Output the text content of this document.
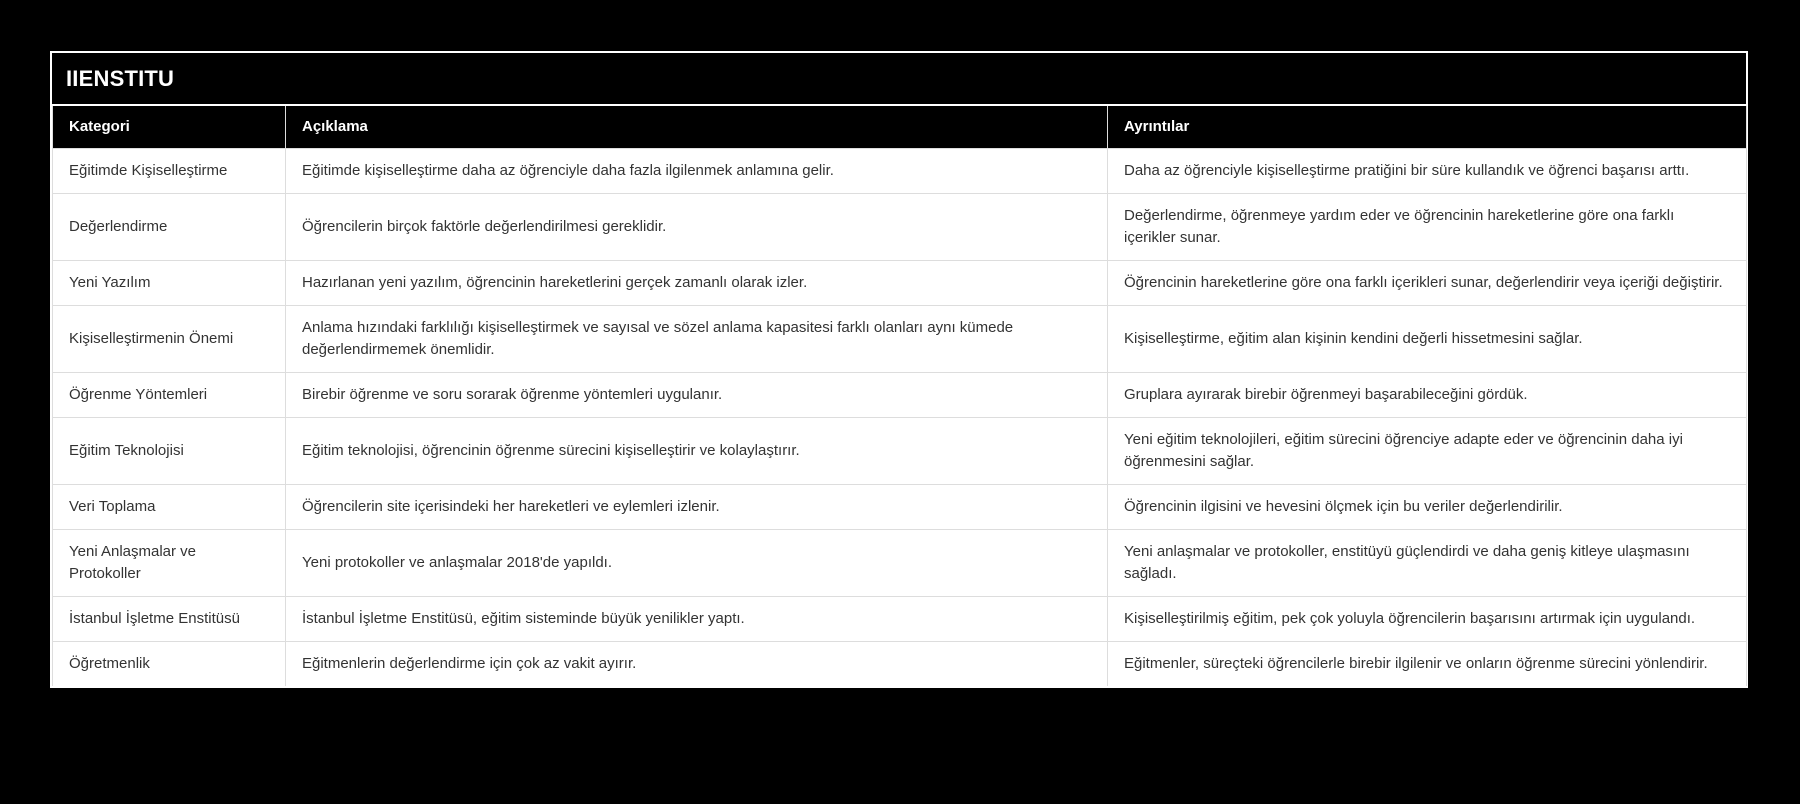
IIENSTITU
Kategori	Açıklama	Ayrıntılar
Eğitimde Kişiselleştirme	Eğitimde kişiselleştirme daha az öğrenciyle daha fazla ilgilenmek anlamına gelir.	Daha az öğrenciyle kişiselleştirme pratiğini bir süre kullandık ve öğrenci başarısı arttı.
Değerlendirme	Öğrencilerin birçok faktörle değerlendirilmesi gereklidir.	Değerlendirme, öğrenmeye yardım eder ve öğrencinin hareketlerine göre ona farklı içerikler sunar.
Yeni Yazılım	Hazırlanan yeni yazılım, öğrencinin hareketlerini gerçek zamanlı olarak izler.	Öğrencinin hareketlerine göre ona farklı içerikleri sunar, değerlendirir veya içeriği değiştirir.
Kişiselleştirmenin Önemi	Anlama hızındaki farklılığı kişiselleştirmek ve sayısal ve sözel anlama kapasitesi farklı olanları aynı kümede değerlendirmemek önemlidir.	Kişiselleştirme, eğitim alan kişinin kendini değerli hissetmesini sağlar.
Öğrenme Yöntemleri	Birebir öğrenme ve soru sorarak öğrenme yöntemleri uygulanır.	Gruplara ayırarak birebir öğrenmeyi başarabileceğini gördük.
Eğitim Teknolojisi	Eğitim teknolojisi, öğrencinin öğrenme sürecini kişiselleştirir ve kolaylaştırır.	Yeni eğitim teknolojileri, eğitim sürecini öğrenciye adapte eder ve öğrencinin daha iyi öğrenmesini sağlar.
Veri Toplama	Öğrencilerin site içerisindeki her hareketleri ve eylemleri izlenir.	Öğrencinin ilgisini ve hevesini ölçmek için bu veriler değerlendirilir.
Yeni Anlaşmalar ve Protokoller	Yeni protokoller ve anlaşmalar 2018'de yapıldı.	Yeni anlaşmalar ve protokoller, enstitüyü güçlendirdi ve daha geniş kitleye ulaşmasını sağladı.
İstanbul İşletme Enstitüsü	İstanbul İşletme Enstitüsü, eğitim sisteminde büyük yenilikler yaptı.	Kişiselleştirilmiş eğitim, pek çok yoluyla öğrencilerin başarısını artırmak için uygulandı.
Öğretmenlik	Eğitmenlerin değerlendirme için çok az vakit ayırır.	Eğitmenler, süreçteki öğrencilerle birebir ilgilenir ve onların öğrenme sürecini yönlendirir.
